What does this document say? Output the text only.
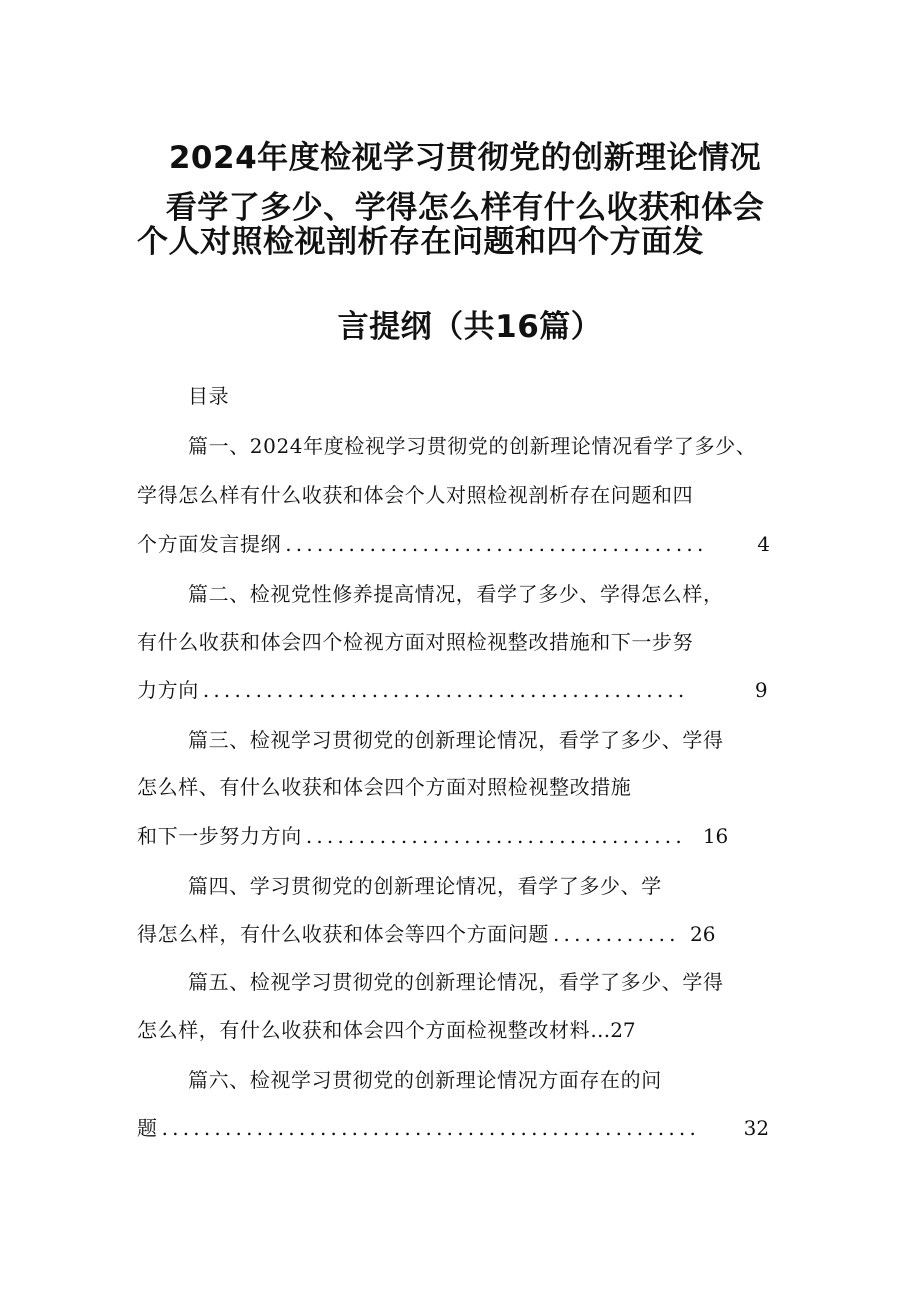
2024年度检视学习贯彻党的创新理论情况
看学了多少、学得怎么样有什么收获和体会
个人对照检视剖析存在问题和四个方面发
言提纲（共16篇）
目录
篇一、2024年度检视学习贯彻党的创新理论情况看学了多少、
学得怎么样有什么收获和体会个人对照检视剖析存在问题和四
个方面发言提纲 ........................................	4
篇二、检视党性修养提高情况，看学了多少、学得怎么样，
有什么收获和体会四个检视方面对照检视整改措施和下一步努
力方向 ..............................................	9
篇三、检视学习贯彻党的创新理论情况，看学了多少、学得
怎么样、有什么收获和体会四个方面对照检视整改措施
和下一步努力方向 .................................... 16
篇四、学习贯彻党的创新理论情况，看学了多少、学
得怎么样，有什么收获和体会等四个方面问题 ............ 26
篇五、检视学习贯彻党的创新理论情况，看学了多少、学得
怎么样，有什么收获和体会四个方面检视整改材料 … 27
篇六、检视学习贯彻党的创新理论情况方面存在的问
题 ...................................................	32
